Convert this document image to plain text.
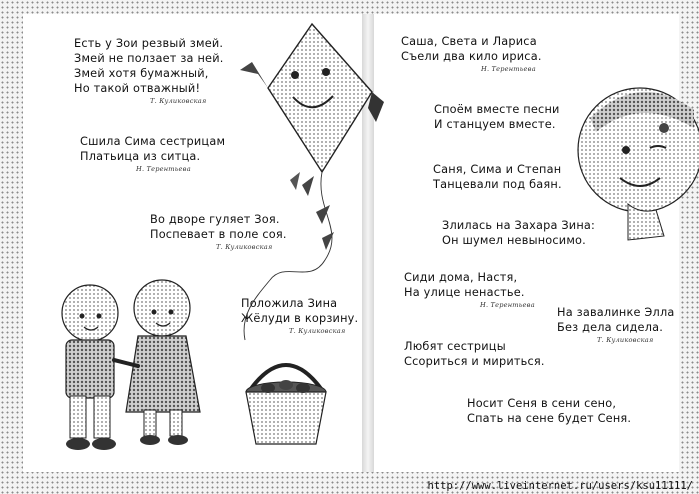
Есть у Зои резвый змей.
Змей не ползает за ней.
Змей хотя бумажный,
Но такой отважный!
Т. Куликовская
Сшила Сима сестрицам
Платьица из ситца.
Н. Терентьева
Во дворе гуляет Зоя.
Поспевает в поле соя.
Т. Куликовская
Положила Зина
Жёлуди в корзину.
Т. Куликовская
Саша, Света и Лариса
Съели два кило ириса.
Н. Терентьева
Споём вместе песни
И станцуем вместе.
Саня, Сима и Степан
Танцевали под баян.
Злилась на Захара Зина:
Он шумел невыносимо.
Сиди дома, Настя,
На улице ненастье.
Н. Терентьева
На завалинке Элла
Без дела сидела.
Т. Куликовская
Любят сестрицы
Ссориться и мириться.
Носит Сеня в сени сено,
Спать на сене будет Сеня.
http://www.liveinternet.ru/users/ksu11111/
